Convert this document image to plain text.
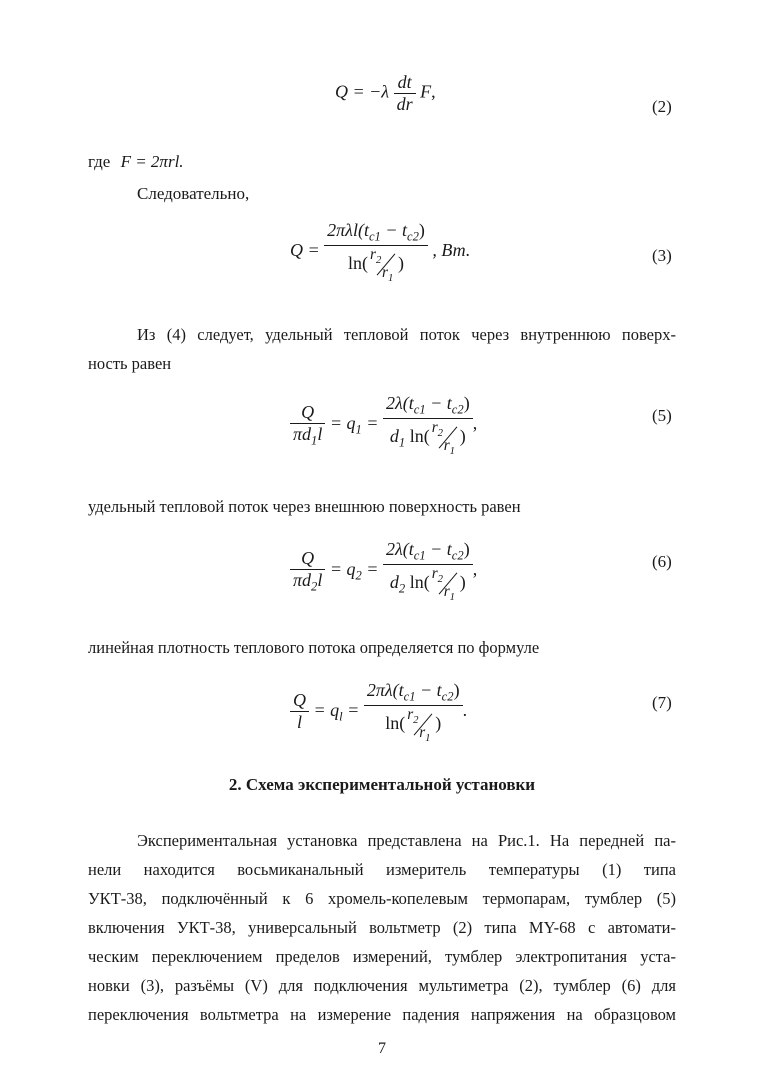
$Q = -\lambda \frac{dt}{dr} F$,
(2)
где F = 2πrl.
Следовательно,
$Q = 2\pi\lambda l(t_{c1} - t_{c2})$
ln( $r_2$
$r_1$
) , Вт.	(3)
Из (4) следует, удельный тепловой поток через внутреннюю поверх-
ность равен
$\frac{Q}{\pi d_1l} = q_1 = 2\lambda(t_{c1} - t_{c2})$
$d_1$ ln( $r_2$
$r_1$
) ,	(5)
удельный тепловой поток через внешнюю поверхность равен
$\frac{Q}{\pi d_2l} = q_2 = 2\lambda(t_{c1} - t_{c2})$
$d_2$ ln( $r_2$
$r_1$
) ,	(6)
линейная плотность теплового потока определяется по формуле
$\frac{Q}{l} = q_l = 2\pi\lambda(t_{c1} - t_{c2})$
ln( $r_2$
$r_1$
) .	(7)
2. Схема экспериментальной установки
Экспериментальная установка представлена на Рис.1. На передней па-
нели находится восьмиканальный измеритель температуры (1) типа
УКТ-38, подключённый к 6 хромель-копелевым термопарам, тумблер (5)
включения УКТ-38, универсальный вольтметр (2) типа MY-68 с автомати-
ческим переключением пределов измерений, тумблер электропитания уста-
новки (3), разъёмы (V) для подключения мультиметра (2), тумблер (6) для
переключения вольтметра на измерение падения напряжения на образцовом
7
